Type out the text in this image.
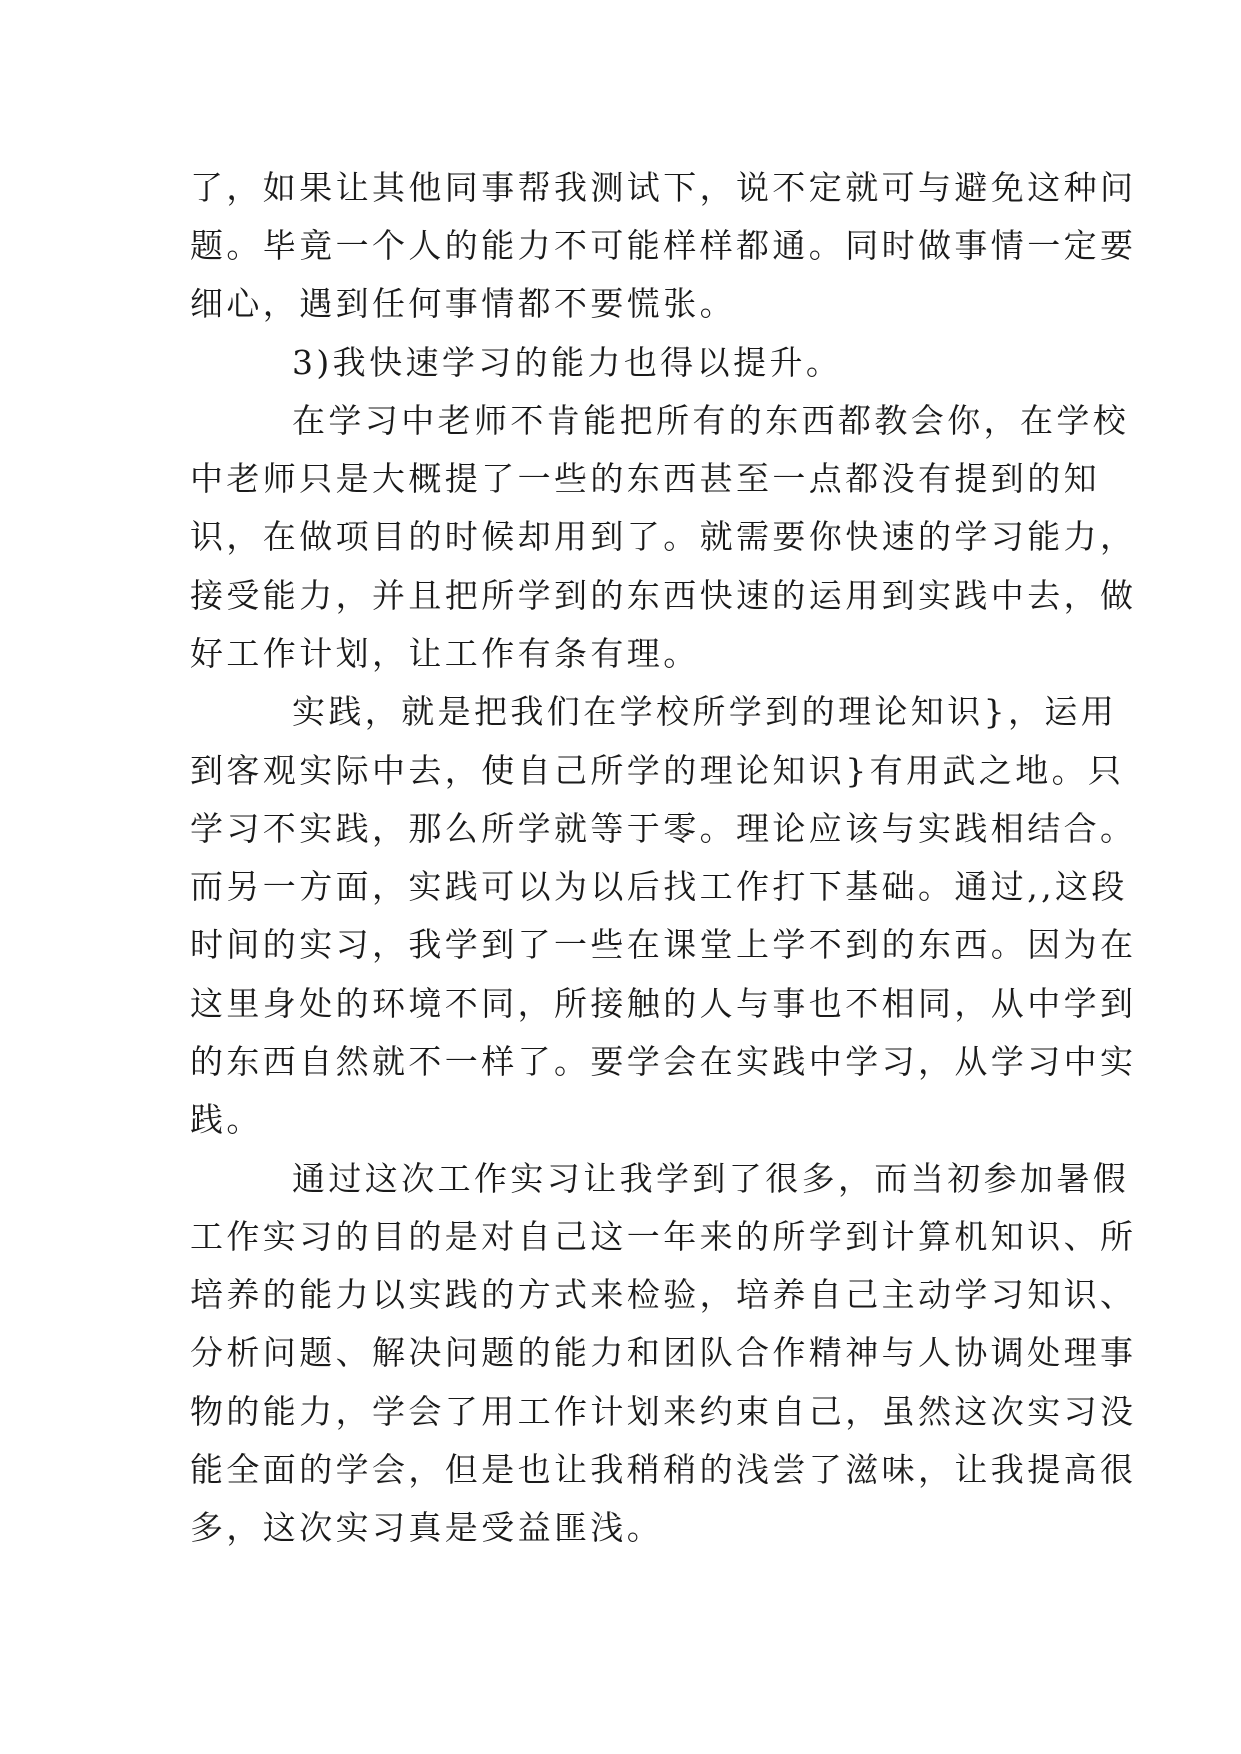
了，如果让其他同事帮我测试下，说不定就可与避免这种问
题。毕竟一个人的能力不可能样样都通。同时做事情一定要
细心，遇到任何事情都不要慌张。
3)我快速学习的能力也得以提升。
在学习中老师不肯能把所有的东西都教会你，在学校
中老师只是大概提了一些的东西甚至一点都没有提到的知
识，在做项目的时候却用到了。就需要你快速的学习能力，
接受能力，并且把所学到的东西快速的运用到实践中去，做
好工作计划，让工作有条有理。
实践，就是把我们在学校所学到的理论知识}，运用
到客观实际中去，使自己所学的理论知识}有用武之地。只
学习不实践，那么所学就等于零。理论应该与实践相结合。
而另一方面，实践可以为以后找工作打下基础。通过,,这段
时间的实习，我学到了一些在课堂上学不到的东西。因为在
这里身处的环境不同，所接触的人与事也不相同，从中学到
的东西自然就不一样了。要学会在实践中学习，从学习中实
践。
通过这次工作实习让我学到了很多，而当初参加暑假
工作实习的目的是对自己这一年来的所学到计算机知识、所
培养的能力以实践的方式来检验，培养自己主动学习知识、
分析问题、解决问题的能力和团队合作精神与人协调处理事
物的能力，学会了用工作计划来约束自己，虽然这次实习没
能全面的学会，但是也让我稍稍的浅尝了滋味，让我提高很
多，这次实习真是受益匪浅。
